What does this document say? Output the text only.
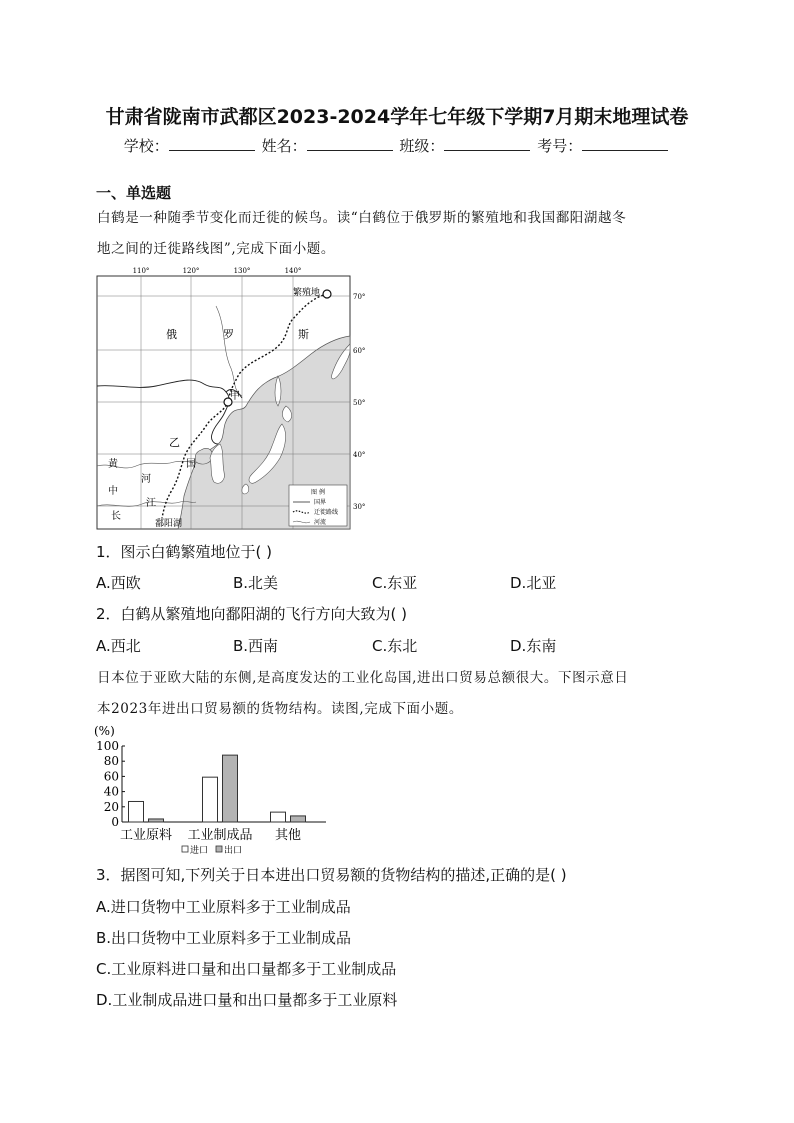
甘肃省陇南市武都区2023-2024学年七年级下学期7月期末地理试卷
学校：	姓名：	班级：	考号：
一、单选题
白鹤是一种随季节变化而迁徙的候鸟。读“白鹤位于俄罗斯的繁殖地和我国鄱阳湖越冬
地之间的迁徙路线图”,完成下面小题。
110°	120°	130°	140°
70°
60°
50°
40°
30°
繁殖地
俄	罗	斯
甲
乙
国
黄
河
中
江
长
鄱阳湖
图 例
国界
迁徙路线
河流
1．图示白鹤繁殖地位于( )
A.西欧	B.北美	C.东亚	D.北亚
2．白鹤从繁殖地向鄱阳湖的飞行方向大致为( )
A.西北	B.西南	C.东北	D.东南
日本位于亚欧大陆的东侧,是高度发达的工业化岛国,进出口贸易总额很大。下图示意日
本2023年进出口贸易额的货物结构。读图,完成下面小题。
(%)
100
80
60
40
20
0
工业原料 工业制成品 其他
进口 出口
3．据图可知,下列关于日本进出口贸易额的货物结构的描述,正确的是( )
A.进口货物中工业原料多于工业制成品
B.出口货物中工业原料多于工业制成品
C.工业原料进口量和出口量都多于工业制成品
D.工业制成品进口量和出口量都多于工业原料
